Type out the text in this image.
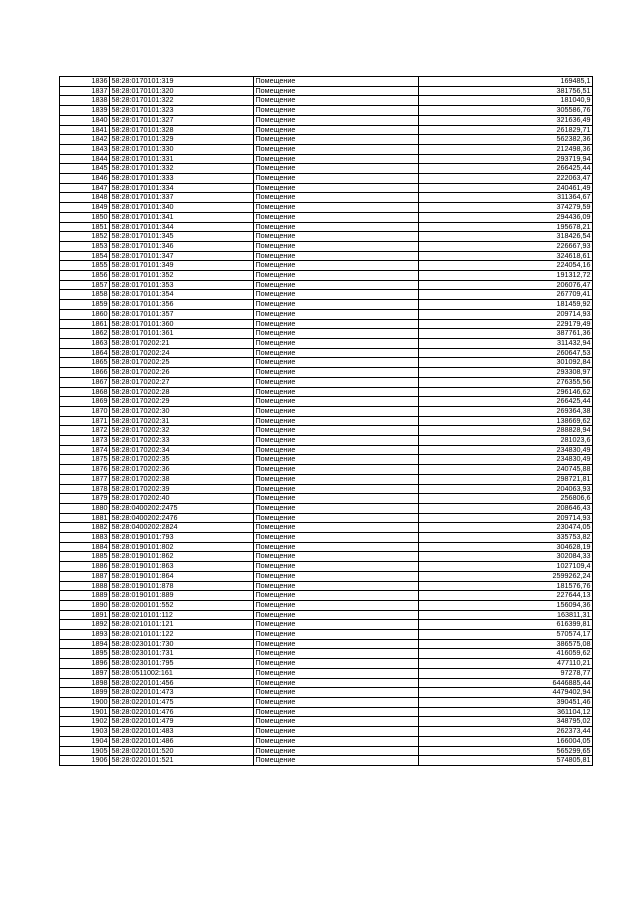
1836	58:28:0170101:319	Помещение	169485,1
1837	58:28:0170101:320	Помещение	381756,51
1838	58:28:0170101:322	Помещение	181040,9
1839	58:28:0170101:323	Помещение	305586,76
1840	58:28:0170101:327	Помещение	321636,49
1841	58:28:0170101:328	Помещение	261829,71
1842	58:28:0170101:329	Помещение	562382,36
1843	58:28:0170101:330	Помещение	212498,36
1844	58:28:0170101:331	Помещение	293719,94
1845	58:28:0170101:332	Помещение	266425,44
1846	58:28:0170101:333	Помещение	222063,47
1847	58:28:0170101:334	Помещение	240461,49
1848	58:28:0170101:337	Помещение	311364,67
1849	58:28:0170101:340	Помещение	374279,59
1850	58:28:0170101:341	Помещение	294436,09
1851	58:28:0170101:344	Помещение	195678,21
1852	58:28:0170101:345	Помещение	318426,54
1853	58:28:0170101:346	Помещение	226667,93
1854	58:28:0170101:347	Помещение	324618,61
1855	58:28:0170101:349	Помещение	224054,16
1856	58:28:0170101:352	Помещение	191312,72
1857	58:28:0170101:353	Помещение	206076,47
1858	58:28:0170101:354	Помещение	267709,41
1859	58:28:0170101:356	Помещение	181459,92
1860	58:28:0170101:357	Помещение	209714,93
1861	58:28:0170101:360	Помещение	229179,49
1862	58:28:0170101:361	Помещение	387761,36
1863	58:28:0170202:21	Помещение	311432,94
1864	58:28:0170202:24	Помещение	260647,53
1865	58:28:0170202:25	Помещение	301092,84
1866	58:28:0170202:26	Помещение	293308,97
1867	58:28:0170202:27	Помещение	276355,56
1868	58:28:0170202:28	Помещение	296146,62
1869	58:28:0170202:29	Помещение	266425,44
1870	58:28:0170202:30	Помещение	269364,38
1871	58:28:0170202:31	Помещение	138669,62
1872	58:28:0170202:32	Помещение	288828,94
1873	58:28:0170202:33	Помещение	281023,6
1874	58:28:0170202:34	Помещение	234830,49
1875	58:28:0170202:35	Помещение	234830,49
1876	58:28:0170202:36	Помещение	240745,88
1877	58:28:0170202:38	Помещение	298721,81
1878	58:28:0170202:39	Помещение	204063,93
1879	58:28:0170202:40	Помещение	256806,6
1880	58:28:0400202:2475	Помещение	208646,43
1881	58:28:0400202:2476	Помещение	209714,93
1882	58:28:0400202:2824	Помещение	230474,05
1883	58:28:0190101:793	Помещение	335753,82
1884	58:28:0190101:802	Помещение	304628,19
1885	58:28:0190101:862	Помещение	302084,33
1886	58:28:0190101:863	Помещение	1027109,4
1887	58:28:0190101:864	Помещение	2599262,24
1888	58:28:0190101:878	Помещение	181576,76
1889	58:28:0190101:889	Помещение	227644,13
1890	58:28:0200101:552	Помещение	156094,36
1891	58:28:0210101:112	Помещение	163811,31
1892	58:28:0210101:121	Помещение	616399,81
1893	58:28:0210101:122	Помещение	570574,17
1894	58:28:0230101:730	Помещение	386575,08
1895	58:28:0230101:731	Помещение	416059,62
1896	58:28:0230101:795	Помещение	477110,21
1897	58:28:0511002:161	Помещение	97278,77
1898	58:28:0220101:456	Помещение	6446885,44
1899	58:28:0220101:473	Помещение	4479402,94
1900	58:28:0220101:475	Помещение	390451,46
1901	58:28:0220101:476	Помещение	361104,12
1902	58:28:0220101:479	Помещение	348795,02
1903	58:28:0220101:483	Помещение	262373,44
1904	58:28:0220101:486	Помещение	166004,05
1905	58:28:0220101:520	Помещение	565299,65
1906	58:28:0220101:521	Помещение	574805,81
